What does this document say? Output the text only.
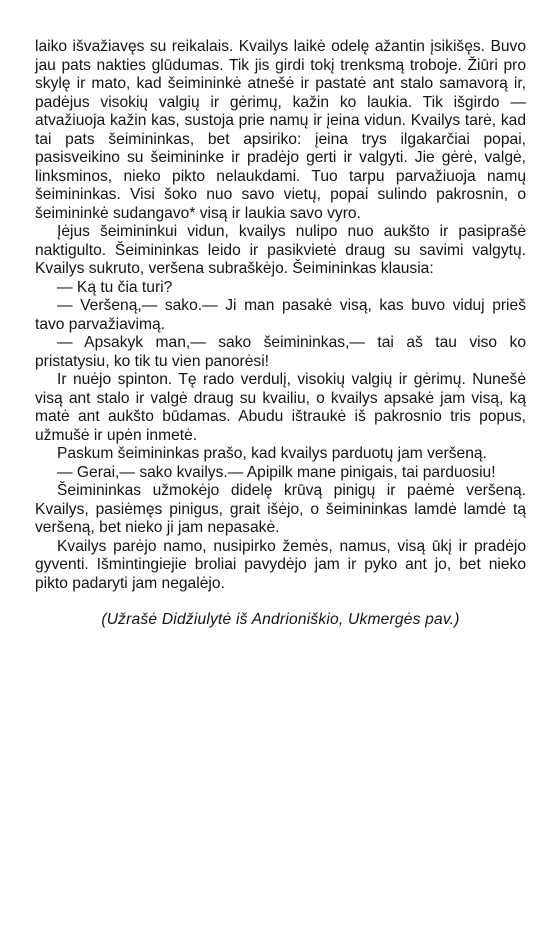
laiko išvažiavęs su reikalais. Kvailys laikė odelę ažantin įsikišęs. Buvo jau pats nakties glūdumas. Tik jis girdi tokį trenksmą troboje. Žiūri pro skylę ir mato, kad šeimininkė atnešė ir pastatė ant stalo samavorą ir, padėjus visokių valgių ir gėrimų, kažin ko laukia. Tik išgirdo — atvažiuoja kažin kas, sustoja prie namų ir įeina vidun. Kvailys tarė, kad tai pats šeimininkas, bet apsiriko: įeina trys ilgakarčiai popai, pasisveikino su šeimininke ir pradėjo gerti ir valgyti. Jie gėrė, valgė, linksminos, nieko pikto nelaukdami. Tuo tarpu parvažiuoja namų šeimininkas. Visi šoko nuo savo vietų, popai sulindo pakrosnin, o šeimininkė sudangavo* visą ir laukia savo vyro.

Įėjus šeimininkui vidun, kvailys nulipo nuo aukšto ir pasiprašė naktigulto. Šeimininkas leido ir pasikvietė draug su savimi valgytų. Kvailys sukruto, veršena subraškėjo. Šeimininkas klausia:

— Ką tu čia turi?

— Veršeną,— sako.— Ji man pasakė visą, kas buvo viduj prieš tavo parvažiavimą.

— Apsakyk man,— sako šeimininkas,— tai aš tau viso ko pristatysiu, ko tik tu vien panorėsi!

Ir nuėjo spinton. Tę rado verdulį, visokių valgių ir gėrimų. Nunešė visą ant stalo ir valgė draug su kvailiu, o kvailys apsakė jam visą, ką matė ant aukšto būdamas. Abudu ištraukė iš pakrosnio tris popus, užmušė ir upėn inmetė.

Paskum šeimininkas prašo, kad kvailys parduotų jam veršeną.

— Gerai,— sako kvailys.— Apipilk mane pinigais, tai parduosiu!

Šeimininkas užmokėjo didelę krūvą pinigų ir paėmė veršeną. Kvailys, pasiėmęs pinigus, grait išėjo, o šeimininkas lamdė lamdė tą veršeną, bet nieko ji jam nepasakė.

Kvailys parėjo namo, nusipirko žemės, namus, visą ūkį ir pradėjo gyventi. Išmintingiejie broliai pavydėjo jam ir pyko ant jo, bet nieko pikto padaryti jam negalėjo.

(Užrašė Didžiulytė iš Andrioniškio, Ukmergės pav.)
